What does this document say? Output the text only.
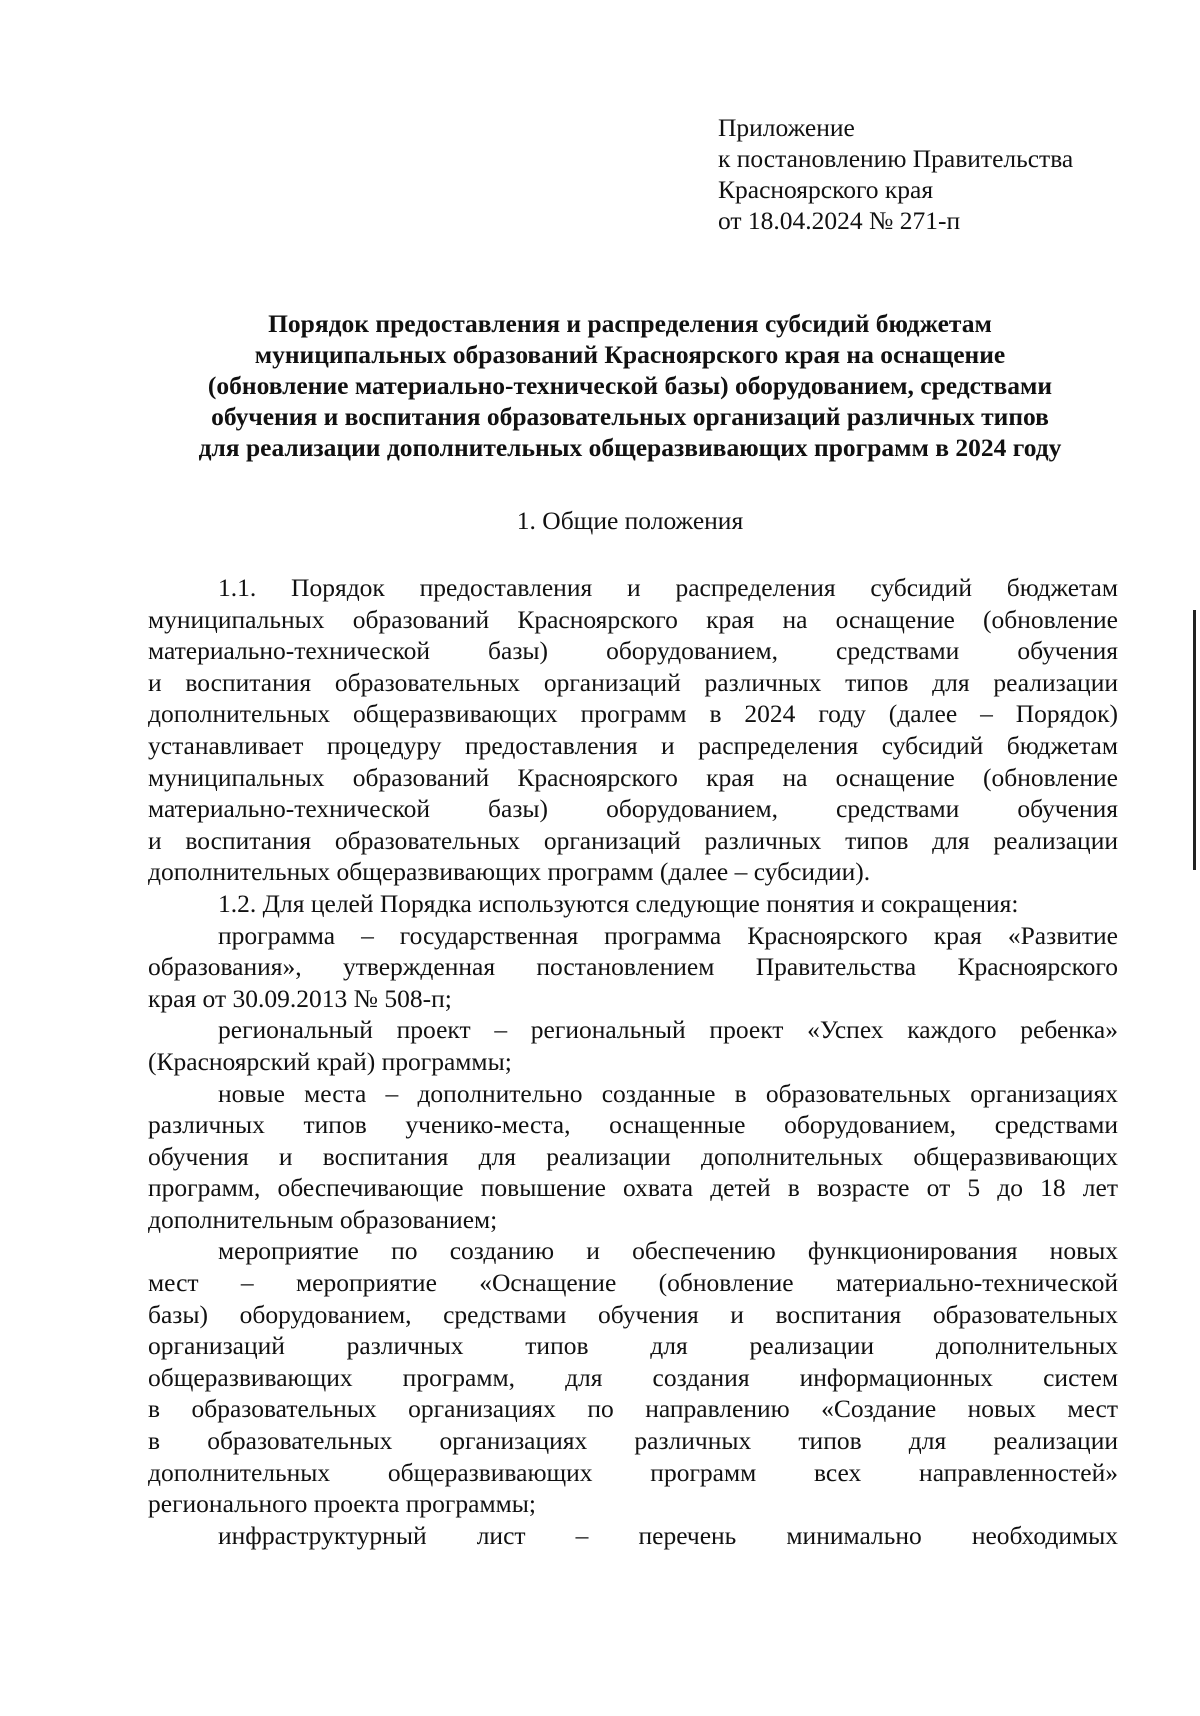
Приложение
к постановлению Правительства
Красноярского края
от 18.04.2024 № 271-п
Порядок предоставления и распределения субсидий бюджетам
муниципальных образований Красноярского края на оснащение
(обновление материально-технической базы) оборудованием, средствами
обучения и воспитания образовательных организаций различных типов
для реализации дополнительных общеразвивающих программ в 2024 году
1. Общие положения
1.1. Порядок предоставления и распределения субсидий бюджетам
муниципальных образований Красноярского края на оснащение (обновление
материально-технической базы) оборудованием, средствами обучения
и воспитания образовательных организаций различных типов для реализации
дополнительных общеразвивающих программ в 2024 году (далее – Порядок)
устанавливает процедуру предоставления и распределения субсидий бюджетам
муниципальных образований Красноярского края на оснащение (обновление
материально-технической базы) оборудованием, средствами обучения
и воспитания образовательных организаций различных типов для реализации
дополнительных общеразвивающих программ (далее – субсидии).
1.2. Для целей Порядка используются следующие понятия и сокращения:
программа – государственная программа Красноярского края «Развитие
образования», утвержденная постановлением Правительства Красноярского
края от 30.09.2013 № 508-п;
региональный проект – региональный проект «Успех каждого ребенка»
(Красноярский край) программы;
новые места – дополнительно созданные в образовательных организациях
различных типов ученико-места, оснащенные оборудованием, средствами
обучения и воспитания для реализации дополнительных общеразвивающих
программ, обеспечивающие повышение охвата детей в возрасте от 5 до 18 лет
дополнительным образованием;
мероприятие по созданию и обеспечению функционирования новых
мест – мероприятие «Оснащение (обновление материально-технической
базы) оборудованием, средствами обучения и воспитания образовательных
организаций различных типов для реализации дополнительных
общеразвивающих программ, для создания информационных систем
в образовательных организациях по направлению «Создание новых мест
в образовательных организациях различных типов для реализации
дополнительных общеразвивающих программ всех направленностей»
регионального проекта программы;
инфраструктурный лист – перечень минимально необходимых
